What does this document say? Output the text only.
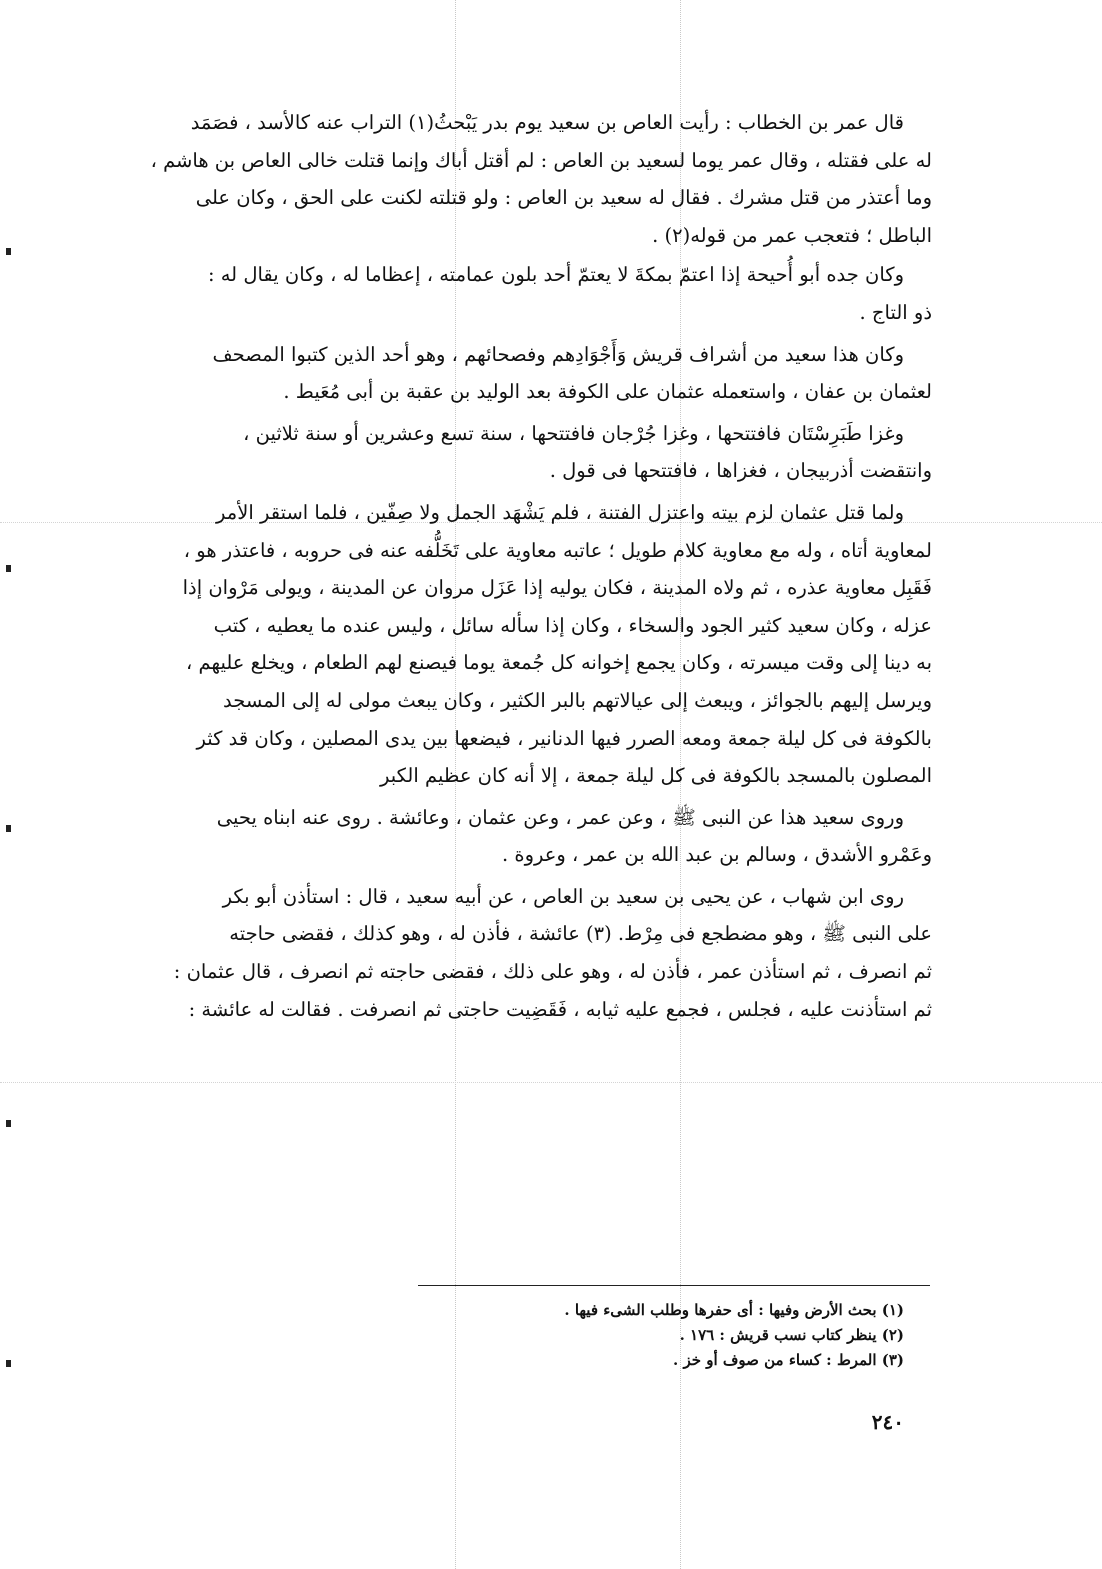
قال عمر بن الخطاب : رأيت العاص بن سعيد يوم بدر يَبْحثُ(١) التراب عنه كالأسد ، فصَمَد
له على فقتله ، وقال عمر يوما لسعيد بن العاص : لم أقتل أباك وإنما قتلت خالى العاص بن هاشم ،
وما أعتذر من قتل مشرك . فقال له سعيد بن العاص : ولو قتلته لكنت على الحق ، وكان على
الباطل ؛ فتعجب عمر من قوله(٢) .

وكان جده أبو أُحيحة إذا اعتمّ بمكةَ لا يعتمّ أحد بلون عمامته ، إعظاما له ، وكان يقال له :
ذو التاج .

وكان هذا سعيد من أشراف قريش وَأَجْوَادِهم وفصحائهم ، وهو أحد الذين كتبوا المصحف
لعثمان بن عفان ، واستعمله عثمان على الكوفة بعد الوليد بن عقبة بن أبى مُعَيط .

وغزا طَبَرِسْتَان فافتتحها ، وغزا جُرْجان فافتتحها ، سنة تسع وعشرين أو سنة ثلاثين ،
وانتقضت أذربيجان ، فغزاها ، فافتتحها فى قول .

ولما قتل عثمان لزم بيته واعتزل الفتنة ، فلم يَشْهَد الجمل ولا صِفّين ، فلما استقر الأمر
لمعاوية أتاه ، وله مع معاوية كلام طويل ؛ عاتبه معاوية على تَخَلُّفه عنه فى حروبه ، فاعتذر هو ،
فَقَبِل معاوية عذره ، ثم ولاه المدينة ، فكان يوليه إذا عَزَل مروان عن المدينة ، ويولى مَرْوان إذا
عزله ، وكان سعيد كثير الجود والسخاء ، وكان إذا سأله سائل ، وليس عنده ما يعطيه ، كتب
به دينا إلى وقت ميسرته ، وكان يجمع إخوانه كل جُمعة يوما فيصنع لهم الطعام ، ويخلع عليهم ،
ويرسل إليهم بالجوائز ، ويبعث إلى عيالاتهم بالبر الكثير ، وكان يبعث مولى له إلى المسجد
بالكوفة فى كل ليلة جمعة ومعه الصرر فيها الدنانير ، فيضعها بين يدى المصلين ، وكان قد كثر
المصلون بالمسجد بالكوفة فى كل ليلة جمعة ، إلا أنه كان عظيم الكبر

وروى سعيد هذا عن النبى ﷺ ، وعن عمر ، وعن عثمان ، وعائشة . روى عنه ابناه يحيى
وعَمْرو الأشدق ، وسالم بن عبد الله بن عمر ، وعروة .

روى ابن شهاب ، عن يحيى بن سعيد بن العاص ، عن أبيه سعيد ، قال : استأذن أبو بكر
على النبى ﷺ ، وهو مضطجع فى مِرْط. (٣) عائشة ، فأذن له ، وهو كذلك ، فقضى حاجته
ثم انصرف ، ثم استأذن عمر ، فأذن له ، وهو على ذلك ، فقضى حاجته ثم انصرف ، قال عثمان :
ثم استأذنت عليه ، فجلس ، فجمع عليه ثيابه ، فَقَضِيت حاجتى ثم انصرفت . فقالت له عائشة :

(١) بحث الأرض وفيها : أى حفرها وطلب الشىء فيها .

(٢) ينظر كتاب نسب قريش : ١٧٦ .

(٣) المرط : كساء من صوف أو خز .

٢٤٠
